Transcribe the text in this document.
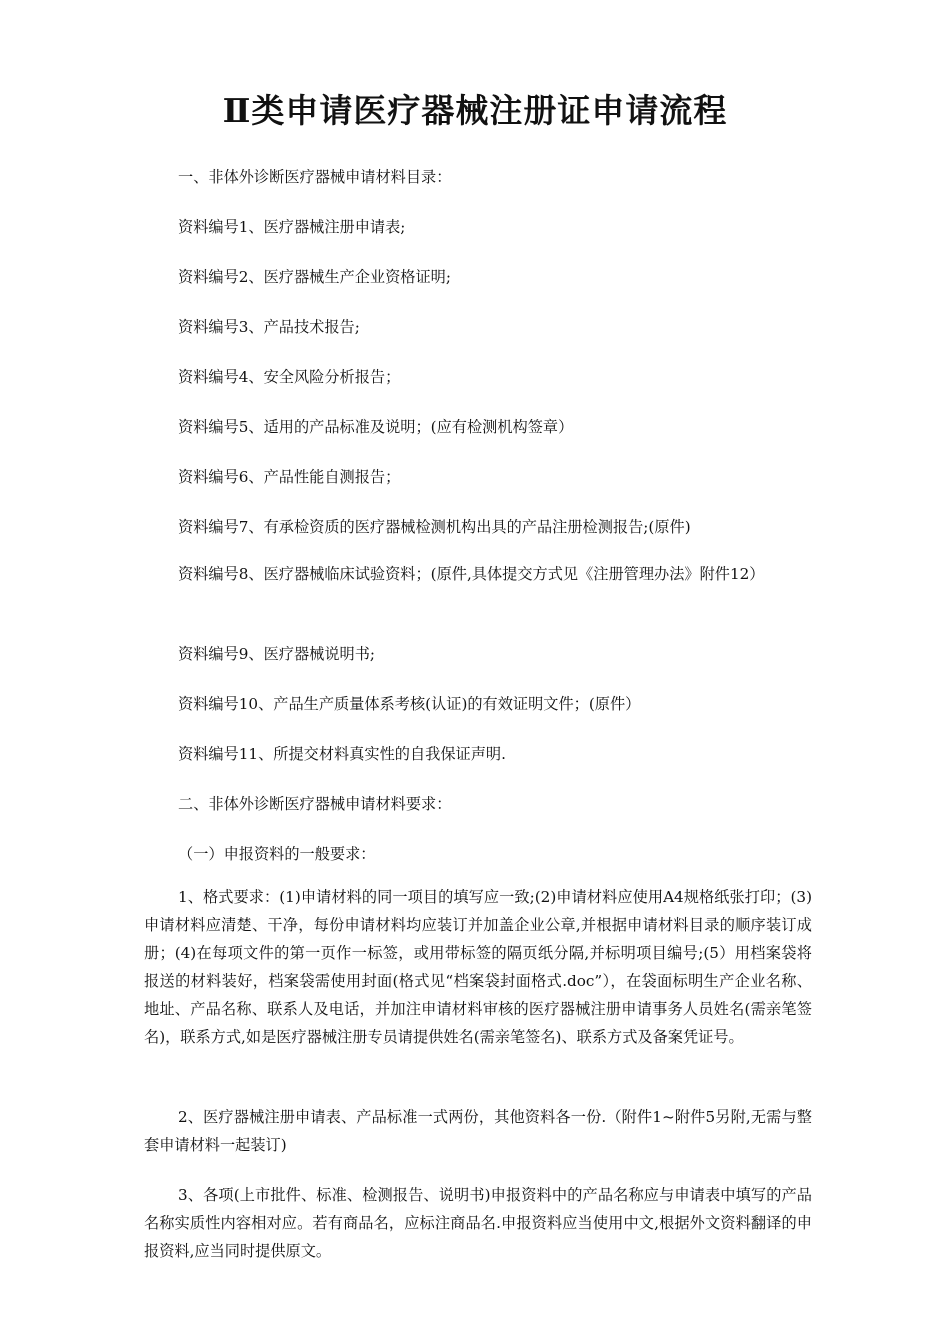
Ⅱ类申请医疗器械注册证申请流程
一、非体外诊断医疗器械申请材料目录：
资料编号1、医疗器械注册申请表;
资料编号2、医疗器械生产企业资格证明;
资料编号3、产品技术报告;
资料编号4、安全风险分析报告；
资料编号5、适用的产品标准及说明；(应有检测机构签章）
资料编号6、产品性能自测报告；
资料编号7、有承检资质的医疗器械检测机构出具的产品注册检测报告;(原件)

资料编号8、医疗器械临床试验资料；(原件,具体提交方式见《注册管理办法》附件12）

资料编号9、医疗器械说明书;
资料编号10、产品生产质量体系考核(认证)的有效证明文件；(原件）
资料编号11、所提交材料真实性的自我保证声明.
二、非体外诊断医疗器械申请材料要求：
（一）申报资料的一般要求：

1、格式要求：(1)申请材料的同一项目的填写应一致;(2)申请材料应使用A4规格纸张打印；(3)申请材料应清楚、干净，每份申请材料均应装订并加盖企业公章,并根据申请材料目录的顺序装订成册；(4)在每项文件的第一页作一标签，或用带标签的隔页纸分隔,并标明项目编号;(5）用档案袋将报送的材料装好，档案袋需使用封面(格式见“档案袋封面格式.doc”），在袋面标明生产企业名称、地址、产品名称、联系人及电话，并加注申请材料审核的医疗器械注册申请事务人员姓名(需亲笔签名)，联系方式,如是医疗器械注册专员请提供姓名(需亲笔签名)、联系方式及备案凭证号。

2、医疗器械注册申请表、产品标准一式两份，其他资料各一份.（附件1~附件5另附,无需与整套申请材料一起装订)

3、各项(上市批件、标准、检测报告、说明书)申报资料中的产品名称应与申请表中填写的产品名称实质性内容相对应。若有商品名，应标注商品名.申报资料应当使用中文,根据外文资料翻译的申报资料,应当同时提供原文。
